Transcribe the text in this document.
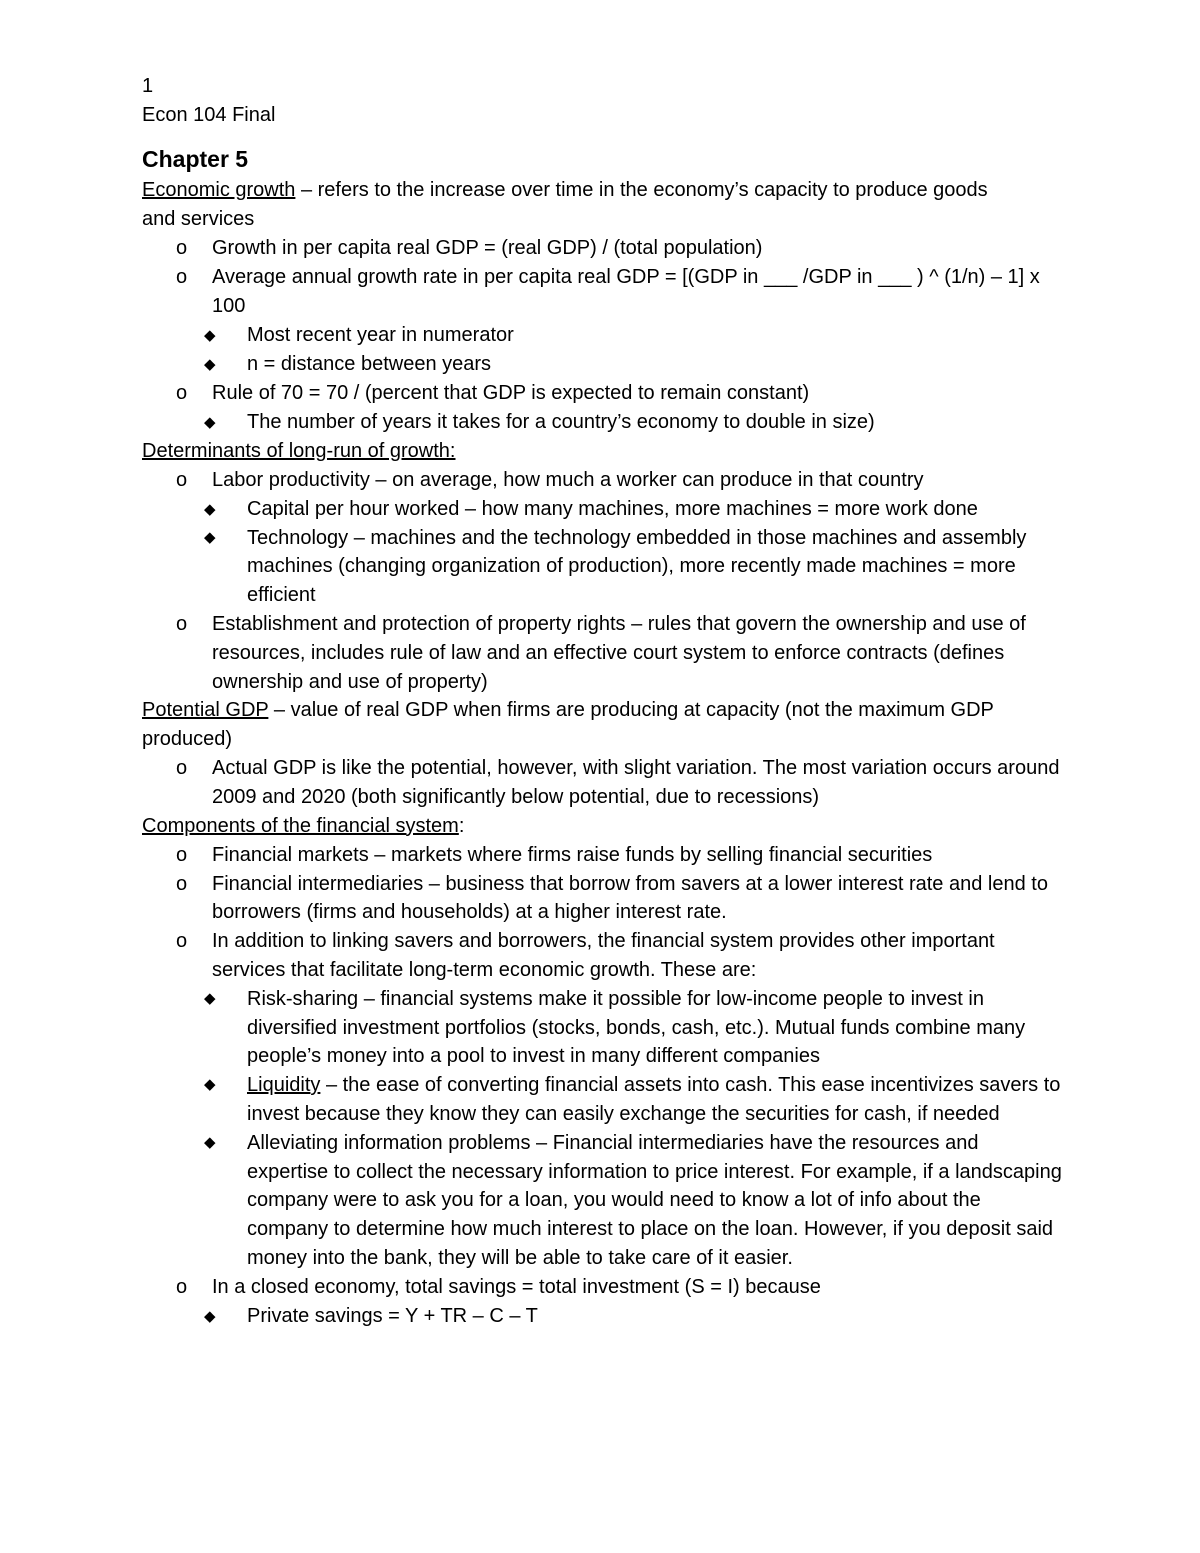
1
Econ 104 Final
Chapter 5
Economic growth – refers to the increase over time in the economy’s capacity to produce goods
and services
o Growth in per capita real GDP = (real GDP) / (total population)
o Average annual growth rate in per capita real GDP = [(GDP in ___ /GDP in ___ ) ^ (1/n) – 1] x 100
◆ Most recent year in numerator
◆ n = distance between years
o Rule of 70 = 70 / (percent that GDP is expected to remain constant)
◆ The number of years it takes for a country’s economy to double in size)
Determinants of long-run of growth:
o Labor productivity – on average, how much a worker can produce in that country
◆ Capital per hour worked – how many machines, more machines = more work done
◆ Technology – machines and the technology embedded in those machines and assembly machines (changing organization of production), more recently made machines = more efficient
o Establishment and protection of property rights – rules that govern the ownership and use of resources, includes rule of law and an effective court system to enforce contracts (defines ownership and use of property)
Potential GDP – value of real GDP when firms are producing at capacity (not the maximum GDP produced)
o Actual GDP is like the potential, however, with slight variation. The most variation occurs around 2009 and 2020 (both significantly below potential, due to recessions)
Components of the financial system:
o Financial markets – markets where firms raise funds by selling financial securities
o Financial intermediaries – business that borrow from savers at a lower interest rate and lend to borrowers (firms and households) at a higher interest rate.
o In addition to linking savers and borrowers, the financial system provides other important services that facilitate long-term economic growth. These are:
◆ Risk-sharing – financial systems make it possible for low-income people to invest in diversified investment portfolios (stocks, bonds, cash, etc.). Mutual funds combine many people’s money into a pool to invest in many different companies
◆ Liquidity – the ease of converting financial assets into cash. This ease incentivizes savers to invest because they know they can easily exchange the securities for cash, if needed
◆ Alleviating information problems – Financial intermediaries have the resources and expertise to collect the necessary information to price interest. For example, if a landscaping company were to ask you for a loan, you would need to know a lot of info about the company to determine how much interest to place on the loan. However, if you deposit said money into the bank, they will be able to take care of it easier.
o In a closed economy, total savings = total investment (S = I) because
◆ Private savings = Y + TR – C – T
